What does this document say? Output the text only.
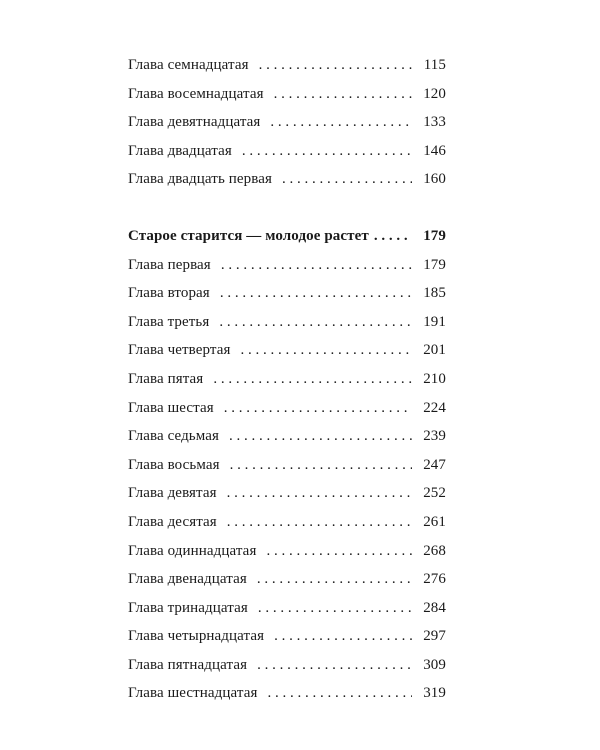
Глава семнадцатая . . .	115
Глава восемнадцатая . . .	120
Глава девятнадцатая . . .	133
Глава двадцатая . . .	146
Глава двадцать первая . . .	160
Старое старится — молодое растет . . .	179
Глава первая . . .	179
Глава вторая . . .	185
Глава третья . . .	191
Глава четвертая . . .	201
Глава пятая . . .	210
Глава шестая . . .	224
Глава седьмая . . .	239
Глава восьмая . . .	247
Глава девятая . . .	252
Глава десятая . . .	261
Глава одиннадцатая . . .	268
Глава двенадцатая . . .	276
Глава тринадцатая . . .	284
Глава четырнадцатая . . .	297
Глава пятнадцатая . . .	309
Глава шестнадцатая . . .	319
